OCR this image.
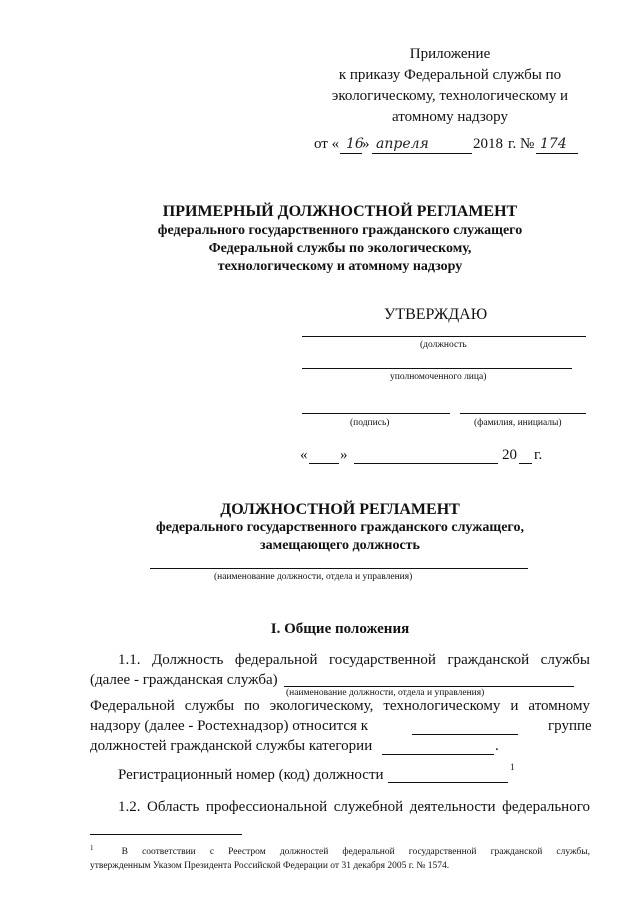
Приложение
к приказу Федеральной службы по
экологическому, технологическому и
атомному надзору
от « 16
» апреля	2018 г. № 174
ПРИМЕРНЫЙ ДОЛЖНОСТНОЙ РЕГЛАМЕНТ
федерального государственного гражданского служащего
Федеральной службы по экологическому,
технологическому и атомному надзору
УТВЕРЖДАЮ
(должность
уполномоченного лица)
(подпись)	(фамилия, инициалы)
« »	20 г.
ДОЛЖНОСТНОЙ РЕГЛАМЕНТ
федерального государственного гражданского служащего,
замещающего должность
(наименование должности, отдела и управления)
I. Общие положения
1.1. Должность федеральной государственной гражданской службы
(далее - гражданская служба)
(наименование должности, отдела и управления)
Федеральной службы по экологическому, технологическому и атомному
надзору (далее - Ростехнадзор) относится к	группе
должностей гражданской службы категории	.
Регистрационный номер (код) должности	1
1.2. Область профессиональной служебной деятельности федерального
$^1$	В соответствии с Реестром должностей федеральной государственной гражданской службы,
утвержденным Указом Президента Российской Федерации от 31 декабря 2005 г. № 1574.
